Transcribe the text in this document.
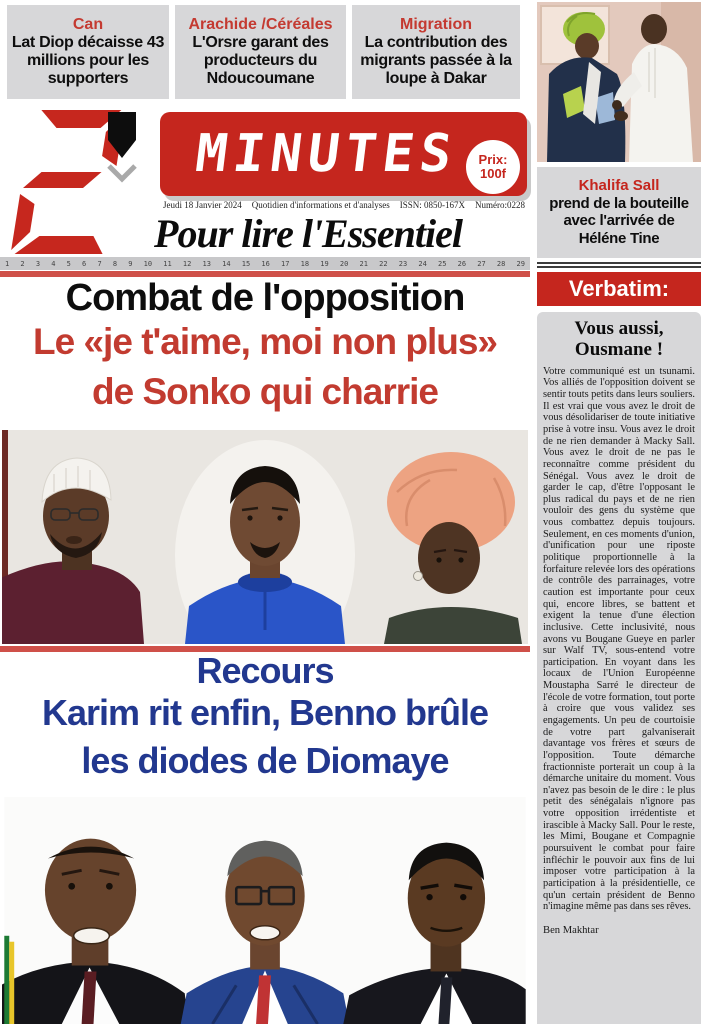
Can
Lat Diop décaisse 43 millions pour les supporters
Arachide /Céréales
L'Orsre garant des producteurs du Ndoucoumane
Migration
La contribution des migrants passée à la loupe à Dakar
MINUTES Prix:
100f
Jeudi 18 Janvier 2024 Quotidien d'informations et d'analyses ISSN: 0850-167X Numéro:0228
Pour lire l'Essentiel
1 2 3 4 5 6 7 8 9 10 11 12 13 14 15 16 17 18 19 20 21 22 23 24 25 26 27 28 29
Combat de l'opposition
Le «je t'aime, moi non plus»
de Sonko qui charrie
Recours
Karim rit enfin, Benno brûle
les diodes de Diomaye
Khalifa Sall
prend de la bouteille avec l'arrivée de Héléne Tine
Verbatim:
Vous aussi,
Ousmane !
Votre communiqué est un tsunami. Vos alliés de l'opposition doivent se sentir touts petits dans leurs souliers. Il est vrai que vous avez le droit de vous désolidariser de toute initiative prise à votre insu. Vous avez le droit de ne rien demander à Macky Sall. Vous avez le droit de ne pas le reconnaître comme président du Sénégal. Vous avez le droit de garder le cap, d'être l'opposant le plus radical du pays et de ne rien vouloir des gens du système que vous combattez depuis toujours. Seulement, en ces moments d'union, d'unification pour une riposte politique proportionnelle à la forfaiture relevée lors des opérations de contrôle des parrainages, votre caution est importante pour ceux qui, encore libres, se battent et exigent la tenue d'une élection inclusive. Cette inclusivité, nous avons vu Bougane Gueye en parler sur Walf TV, sous-entend votre participation. En voyant dans les locaux de l'Union Européenne Moustapha Sarré le directeur de l'école de votre formation, tout porte à croire que vous validez ses engagements. Un peu de courtoisie de votre part galvaniserait davantage vos frères et sœurs de l'opposition. Toute démarche fractionniste porterait un coup à la démarche unitaire du moment. Vous n'avez pas besoin de le dire : le plus petit des sénégalais n'ignore pas votre opposition irrédentiste et irascible à Macky Sall. Pour le reste, les Mimi, Bougane et Compagnie poursuivent le combat pour faire infléchir le pouvoir aux fins de lui imposer votre participation à la participation à la présidentielle, ce qu'un certain président de Benno n'imagine même pas dans ses rêves.
Ben Makhtar
